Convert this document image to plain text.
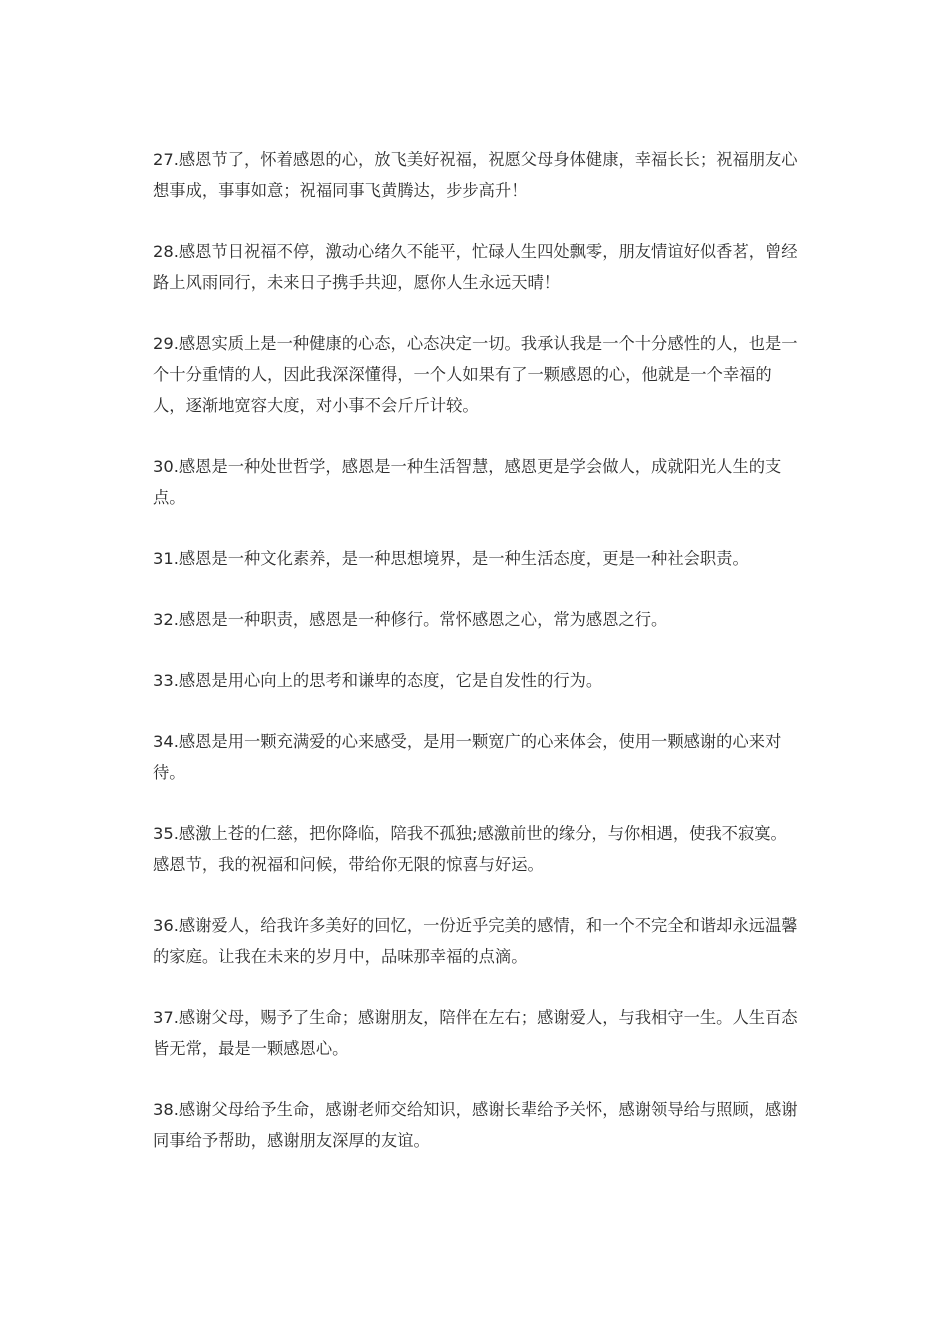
27.感恩节了，怀着感恩的心，放飞美好祝福，祝愿父母身体健康，幸福长长；祝福朋友心想事成，事事如意；祝福同事飞黄腾达，步步高升！

28.感恩节日祝福不停，激动心绪久不能平，忙碌人生四处飘零，朋友情谊好似香茗，曾经路上风雨同行，未来日子携手共迎，愿你人生永远天晴！

29.感恩实质上是一种健康的心态，心态决定一切。我承认我是一个十分感性的人，也是一个十分重情的人，因此我深深懂得，一个人如果有了一颗感恩的心，他就是一个幸福的人，逐渐地宽容大度，对小事不会斤斤计较。

30.感恩是一种处世哲学，感恩是一种生活智慧，感恩更是学会做人，成就阳光人生的支点。

31.感恩是一种文化素养，是一种思想境界，是一种生活态度，更是一种社会职责。

32.感恩是一种职责，感恩是一种修行。常怀感恩之心，常为感恩之行。

33.感恩是用心向上的思考和谦卑的态度，它是自发性的行为。

34.感恩是用一颗充满爱的心来感受，是用一颗宽广的心来体会，使用一颗感谢的心来对待。

35.感激上苍的仁慈，把你降临，陪我不孤独;感激前世的缘分，与你相遇，使我不寂寞。感恩节，我的祝福和问候，带给你无限的惊喜与好运。

36.感谢爱人，给我许多美好的回忆，一份近乎完美的感情，和一个不完全和谐却永远温馨的家庭。让我在未来的岁月中，品味那幸福的点滴。

37.感谢父母，赐予了生命；感谢朋友，陪伴在左右；感谢爱人，与我相守一生。人生百态皆无常，最是一颗感恩心。

38.感谢父母给予生命，感谢老师交给知识，感谢长辈给予关怀，感谢领导给与照顾，感谢同事给予帮助，感谢朋友深厚的友谊。
